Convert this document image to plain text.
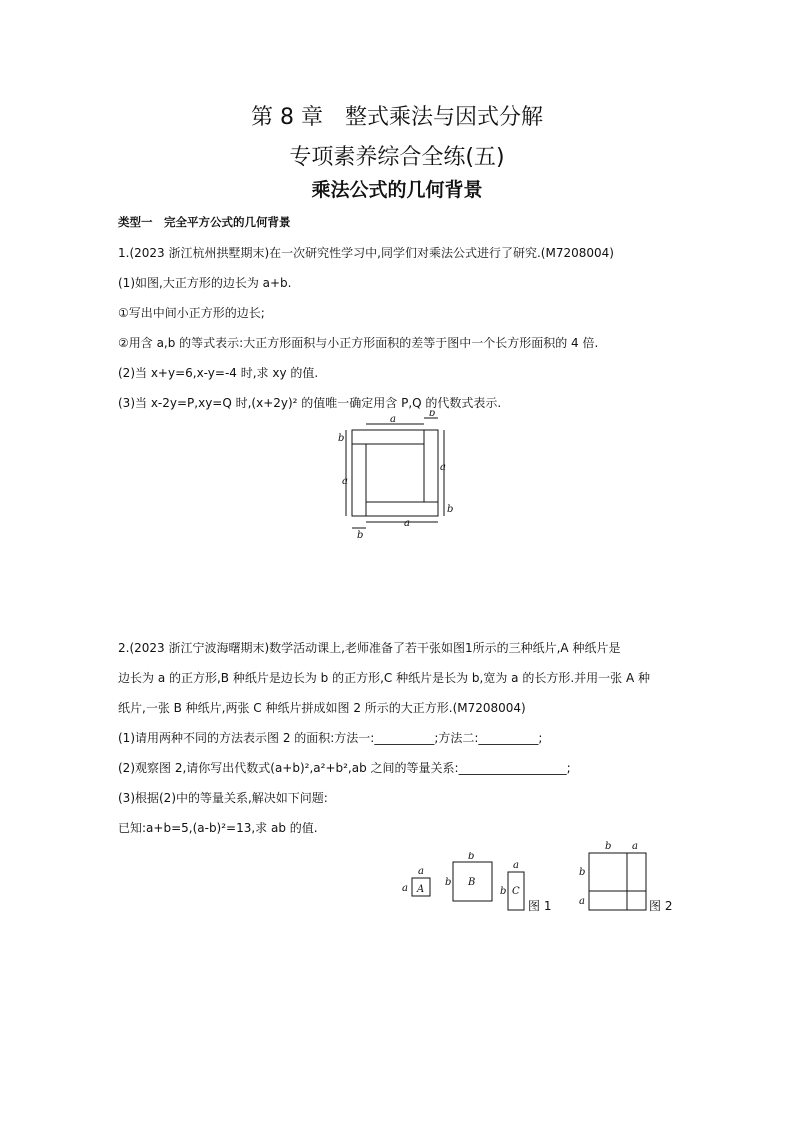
第 8 章　整式乘法与因式分解
专项素养综合全练(五)
乘法公式的几何背景
类型一　完全平方公式的几何背景
1.(2023 浙江杭州拱墅期末)在一次研究性学习中,同学们对乘法公式进行了研究.(M7208004)
(1)如图,大正方形的边长为 a+b.
①写出中间小正方形的边长;
②用含 a,b 的等式表示:大正方形面积与小正方形面积的差等于图中一个长方形面积的 4 倍.
(2)当 x+y=6,x-y=-4 时,求 xy 的值.
(3)当 x-2y=P,xy=Q 时,(x+2y)² 的值唯一确定用含 P,Q 的代数式表示.
a
b
b
a
a
b
a
b
2.(2023 浙江宁波海曙期末)数学活动课上,老师准备了若干张如图1所示的三种纸片,A 种纸片是
边长为 a 的正方形,B 种纸片是边长为 b 的正方形,C 种纸片是长为 b,宽为 a 的长方形.并用一张 A 种
纸片,一张 B 种纸片,两张 C 种纸片拼成如图 2 所示的大正方形.(M7208004)
(1)请用两种不同的方法表示图 2 的面积:方法一:__________;方法二:__________;
(2)观察图 2,请你写出代数式(a+b)²,a²+b²,ab 之间的等量关系:__________________;
(3)根据(2)中的等量关系,解决如下问题:
已知:a+b=5,(a-b)²=13,求 ab 的值.
a
a A
b
b B
a
b C
图 1
b a
b
a	图 2
